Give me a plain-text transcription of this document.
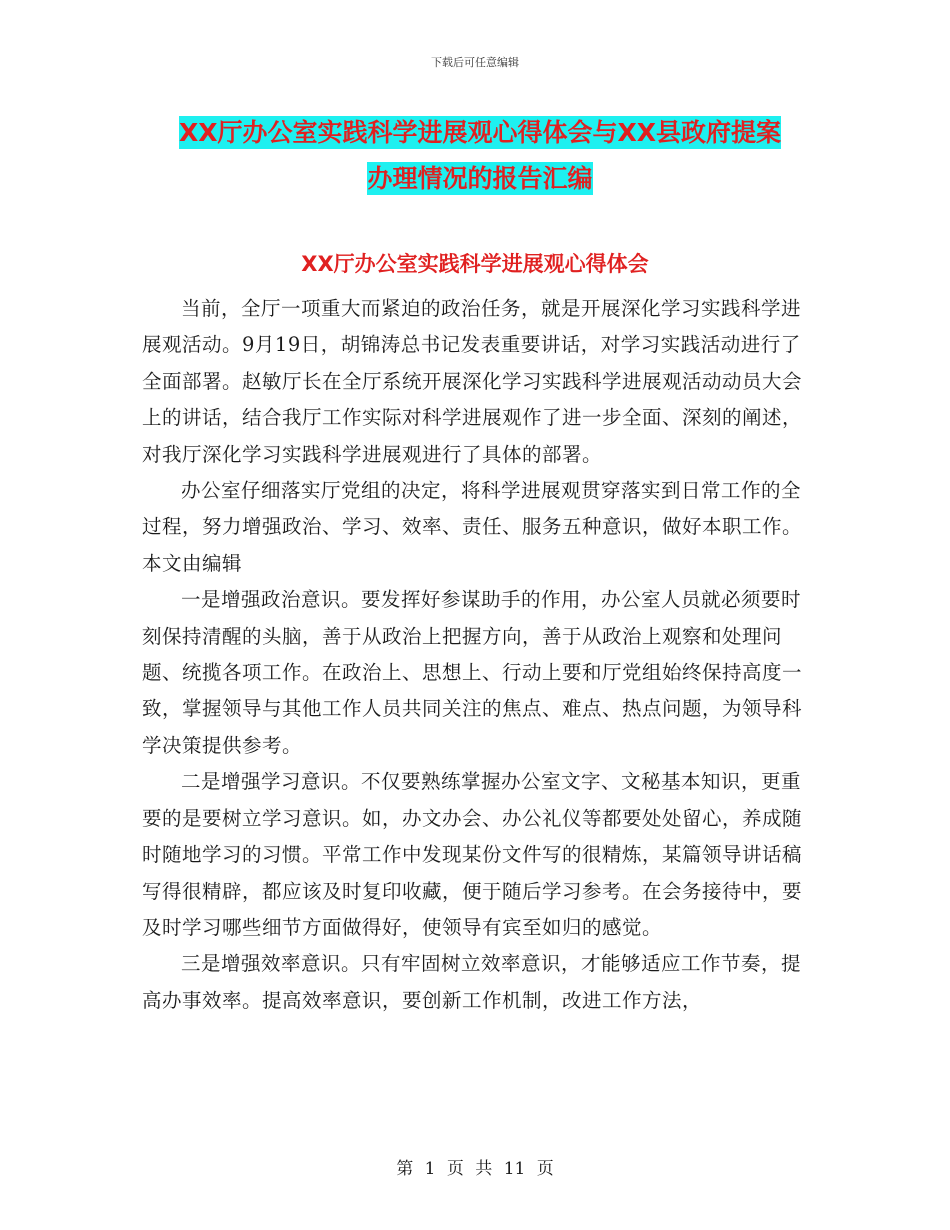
下载后可任意编辑
XX厅办公室实践科学进展观心得体会与XX县政府提案
办理情况的报告汇编
XX厅办公室实践科学进展观心得体会

当前，全厅一项重大而紧迫的政治任务，就是开展深化学习实践科学进展观活动。9月19日，胡锦涛总书记发表重要讲话，对学习实践活动进行了全面部署。赵敏厅长在全厅系统开展深化学习实践科学进展观活动动员大会上的讲话，结合我厅工作实际对科学进展观作了进一步全面、深刻的阐述，对我厅深化学习实践科学进展观进行了具体的部署。

办公室仔细落实厅党组的决定，将科学进展观贯穿落实到日常工作的全过程，努力增强政治、学习、效率、责任、服务五种意识，做好本职工作。本文由编辑

一是增强政治意识。要发挥好参谋助手的作用，办公室人员就必须要时刻保持清醒的头脑，善于从政治上把握方向，善于从政治上观察和处理问题、统揽各项工作。在政治上、思想上、行动上要和厅党组始终保持高度一致，掌握领导与其他工作人员共同关注的焦点、难点、热点问题，为领导科学决策提供参考。

二是增强学习意识。不仅要熟练掌握办公室文字、文秘基本知识，更重要的是要树立学习意识。如，办文办会、办公礼仪等都要处处留心，养成随时随地学习的习惯。平常工作中发现某份文件写的很精炼，某篇领导讲话稿写得很精辟，都应该及时复印收藏，便于随后学习参考。在会务接待中，要及时学习哪些细节方面做得好，使领导有宾至如归的感觉。

三是增强效率意识。只有牢固树立效率意识，才能够适应工作节奏，提高办事效率。提高效率意识，要创新工作机制，改进工作方法，

第 1 页 共 11 页
